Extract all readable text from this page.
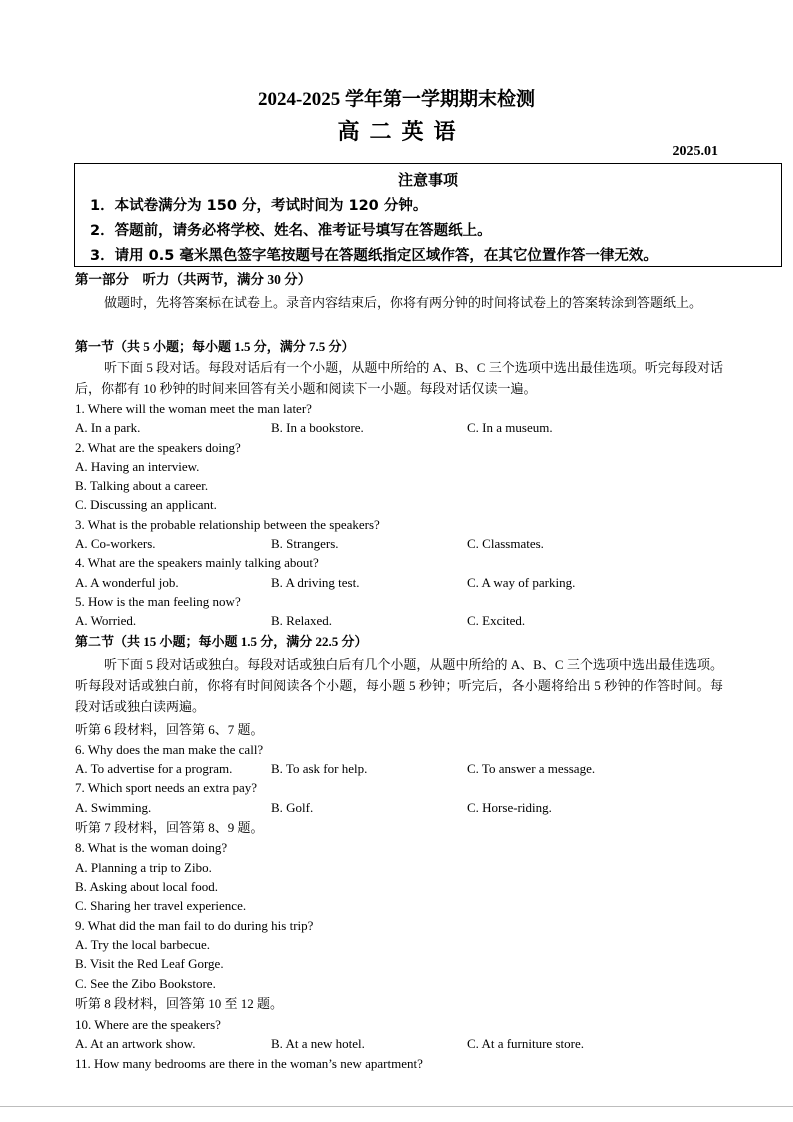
2024-2025 学年第一学期期末检测
高二英语
2025.01
注意事项
1．本试卷满分为 150 分，考试时间为 120 分钟。
2．答题前，请务必将学校、姓名、准考证号填写在答题纸上。
3．请用 0.5 毫米黑色签字笔按题号在答题纸指定区域作答，在其它位置作答一律无效。
第一部分　听力（共两节，满分 30 分）
做题时，先将答案标在试卷上。录音内容结束后，你将有两分钟的时间将试卷上的答案转涂到答题纸上。
第一节（共 5 小题；每小题 1.5 分，满分 7.5 分）
听下面 5 段对话。每段对话后有一个小题，从题中所给的 A、B、C 三个选项中选出最佳选项。听完每段对话后，你都有 10 秒钟的时间来回答有关小题和阅读下一小题。每段对话仅读一遍。
1. Where will the woman meet the man later?
A. In a park.	B. In a bookstore.	C. In a museum.
2. What are the speakers doing?
A. Having an interview.
B. Talking about a career.
C. Discussing an applicant.
3. What is the probable relationship between the speakers?
A. Co-workers.	B. Strangers.	C. Classmates.
4. What are the speakers mainly talking about?
A. A wonderful job.	B. A driving test.	C. A way of parking.
5. How is the man feeling now?
A. Worried.	B. Relaxed.	C. Excited.
第二节（共 15 小题；每小题 1.5 分，满分 22.5 分）
听下面 5 段对话或独白。每段对话或独白后有几个小题，从题中所给的 A、B、C 三个选项中选出最佳选项。听每段对话或独白前，你将有时间阅读各个小题，每小题 5 秒钟；听完后，各小题将给出 5 秒钟的作答时间。每段对话或独白读两遍。
听第 6 段材料，回答第 6、7 题。
6. Why does the man make the call?
A. To advertise for a program.	B. To ask for help.	C. To answer a message.
7. Which sport needs an extra pay?
A. Swimming.	B. Golf.	C. Horse-riding.
听第 7 段材料，回答第 8、9 题。
8. What is the woman doing?
A. Planning a trip to Zibo.
B. Asking about local food.
C. Sharing her travel experience.
9. What did the man fail to do during his trip?
A. Try the local barbecue.
B. Visit the Red Leaf Gorge.
C. See the Zibo Bookstore.
听第 8 段材料，回答第 10 至 12 题。
10. Where are the speakers?
A. At an artwork show.	B. At a new hotel.	C. At a furniture store.
11. How many bedrooms are there in the woman’s new apartment?
